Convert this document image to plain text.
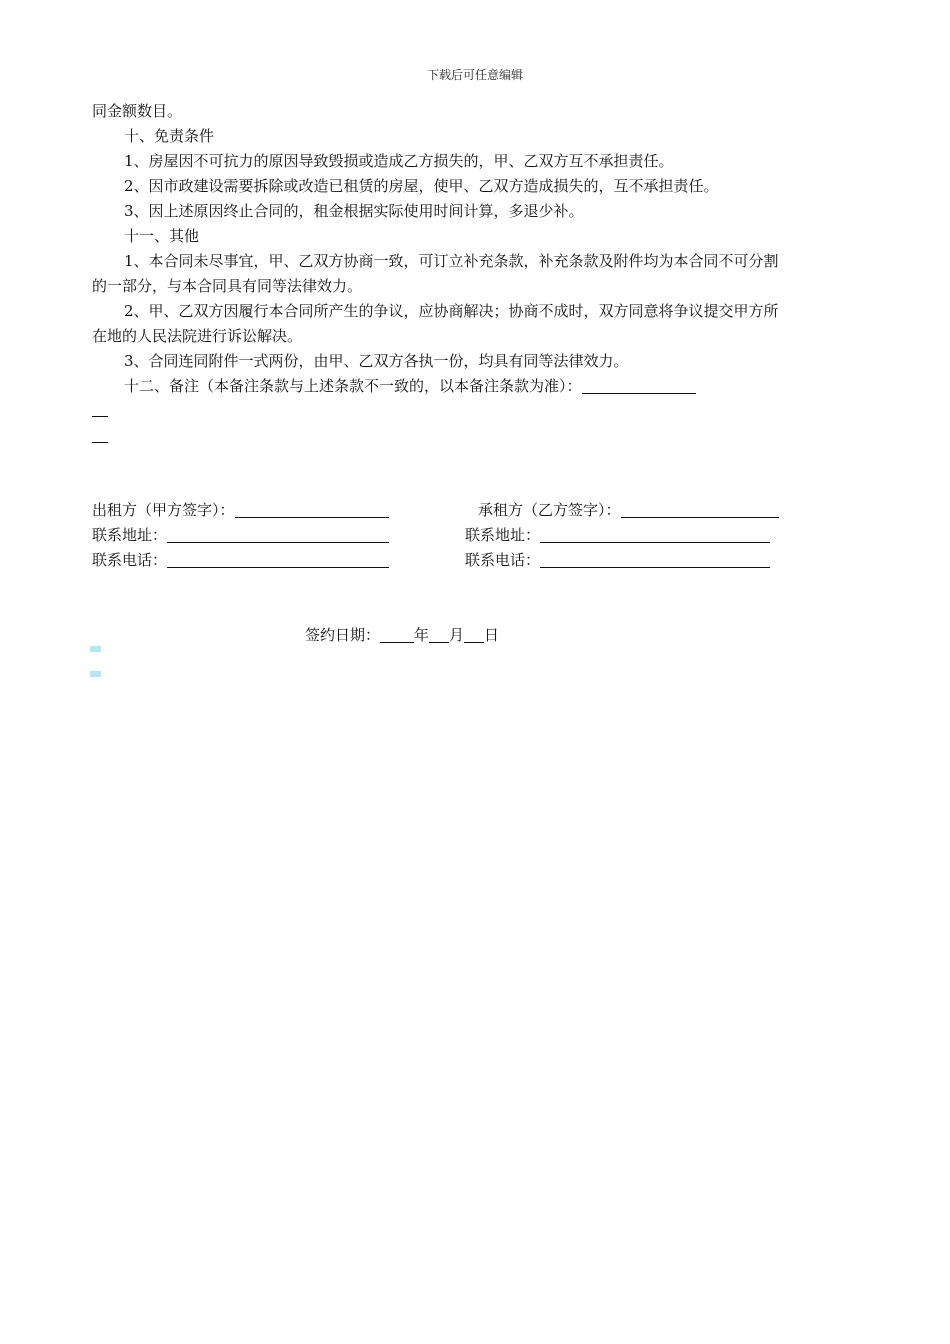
下载后可任意编辑
同金额数目。
十、免责条件
1、房屋因不可抗力的原因导致毁损或造成乙方损失的，甲、乙双方互不承担责任。
2、因市政建设需要拆除或改造已租赁的房屋，使甲、乙双方造成损失的，互不承担责任。
3、因上述原因终止合同的，租金根据实际使用时间计算，多退少补。
十一、其他
1、本合同未尽事宜，甲、乙双方协商一致，可订立补充条款，补充条款及附件均为本合同不可分割
的一部分，与本合同具有同等法律效力。
2、甲、乙双方因履行本合同所产生的争议，应协商解决；协商不成时，双方同意将争议提交甲方所
在地的人民法院进行诉讼解决。
3、合同连同附件一式两份，由甲、乙双方各执一份，均具有同等法律效力。
十二、备注（本备注条款与上述条款不一致的，以本备注条款为准）：
出租方（甲方签字）：	承租方（乙方签字）：
联系地址：	联系地址：
联系电话：	联系电话：
签约日期： 年 月 日
